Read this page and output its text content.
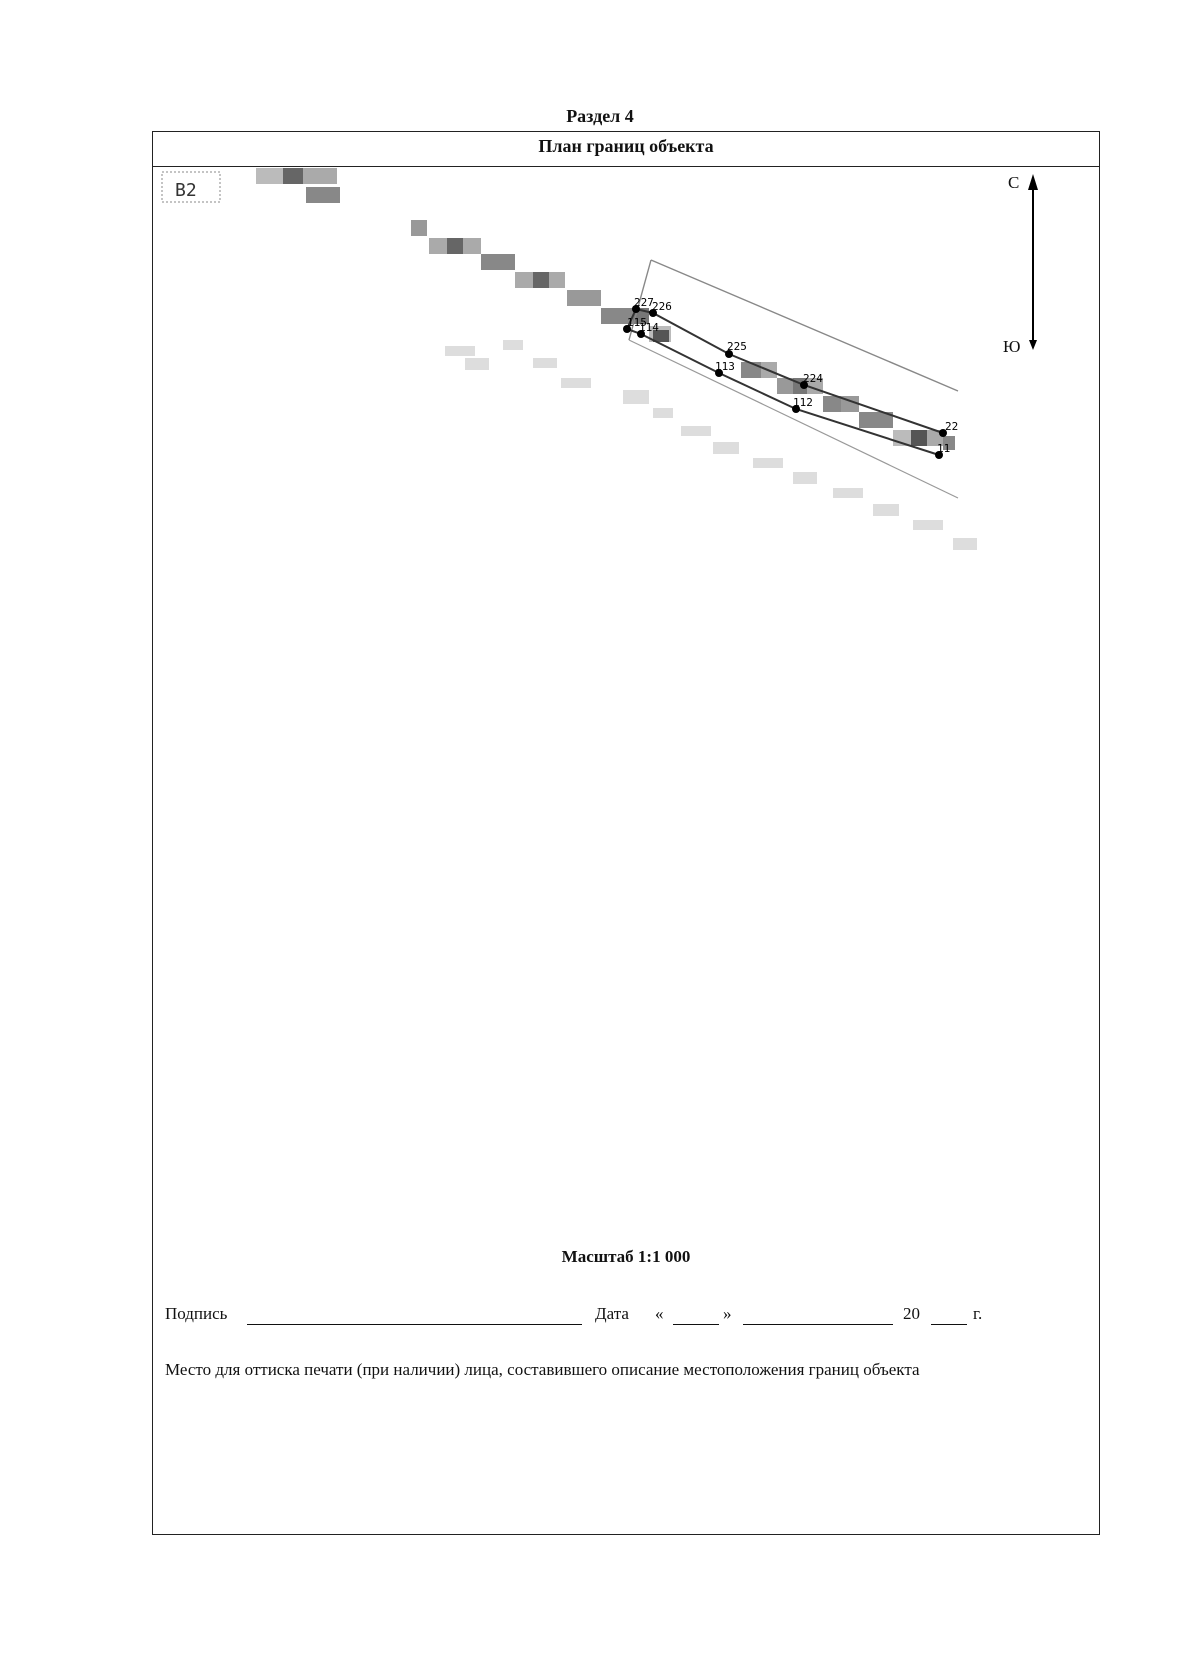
Раздел 4
План границ объекта
В2
227
226
115
114
225
113
224
112
22
11
С
Ю
Масштаб 1:1 000
Подпись	Дата «	»	20	г.
Место для оттиска печати (при наличии) лица, составившего описание местоположения границ объекта
